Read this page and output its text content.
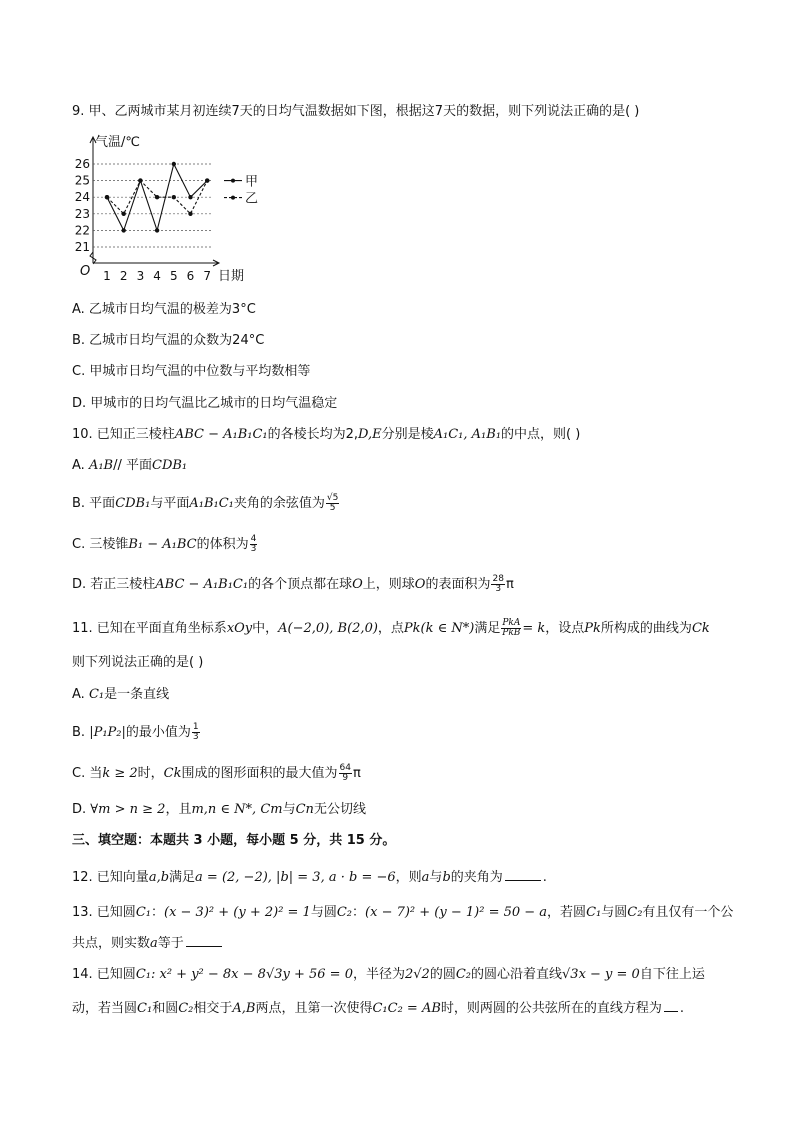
9. 甲、乙两城市某月初连续7天的日均气温数据如下图，根据这7天的数据，则下列说法正确的是( )
气温/℃
日期
O
21
22
23
24
25
26
1 2 3 4 5 6 7
甲
乙
A. 乙城市日均气温的极差为3°C
B. 乙城市日均气温的众数为24°C
C. 甲城市日均气温的中位数与平均数相等
D. 甲城市的日均气温比乙城市的日均气温稳定
10. 已知正三棱柱ABC − A₁B₁C₁的各棱长均为2,D,E分别是棱A₁C₁, A₁B₁的中点，则( )
A. A₁B// 平面CDB₁
B. 平面CDB₁与平面A₁B₁C₁夹角的余弦值为 $\frac{√5}{5}$
C. 三棱锥B₁ − A₁BC的体积为 $\frac{4}{3}$
D. 若正三棱柱ABC − A₁B₁C₁的各个顶点都在球O上，则球O的表面积为 $\frac{28}{3}$ π
11. 已知在平面直角坐标系xOy中，A(−2,0), B(2,0)，点Pk(k ∈ N*)满足 $\frac{\text{PkA}}{\text{PkB}} = k$，设点Pk所构成的曲线为Ck
则下列说法正确的是( )
A. C₁是一条直线
B. |P₁P₂|的最小值为 $\frac{1}{3}$
C. 当k ≥ 2时，Ck围成的图形面积的最大值为 $\frac{64}{9}$ π
D. ∀m > n ≥ 2，且m,n ∈ N*, Cm与Cn无公切线
三、填空题：本题共 3 小题，每小题 5 分，共 15 分。
12. 已知向量a,b满足a = (2, −2), |b| = 3, a · b = −6，则a与b的夹角为	.
13. 已知圆C₁：(x − 3)² + (y + 2)² = 1与圆C₂：(x − 7)² + (y − 1)² = 50 − a，若圆C₁与圆C₂有且仅有一个公
共点，则实数a等于
14. 已知圆C₁: x² + y² − 8x − 8√3y + 56 = 0，半径为2√2的圆C₂的圆心沿着直线√3x − y = 0自下往上运
动，若当圆C₁和圆C₂相交于A,B两点，且第一次使得C₁C₂ = AB时，则两圆的公共弦所在的直线方程为 .
